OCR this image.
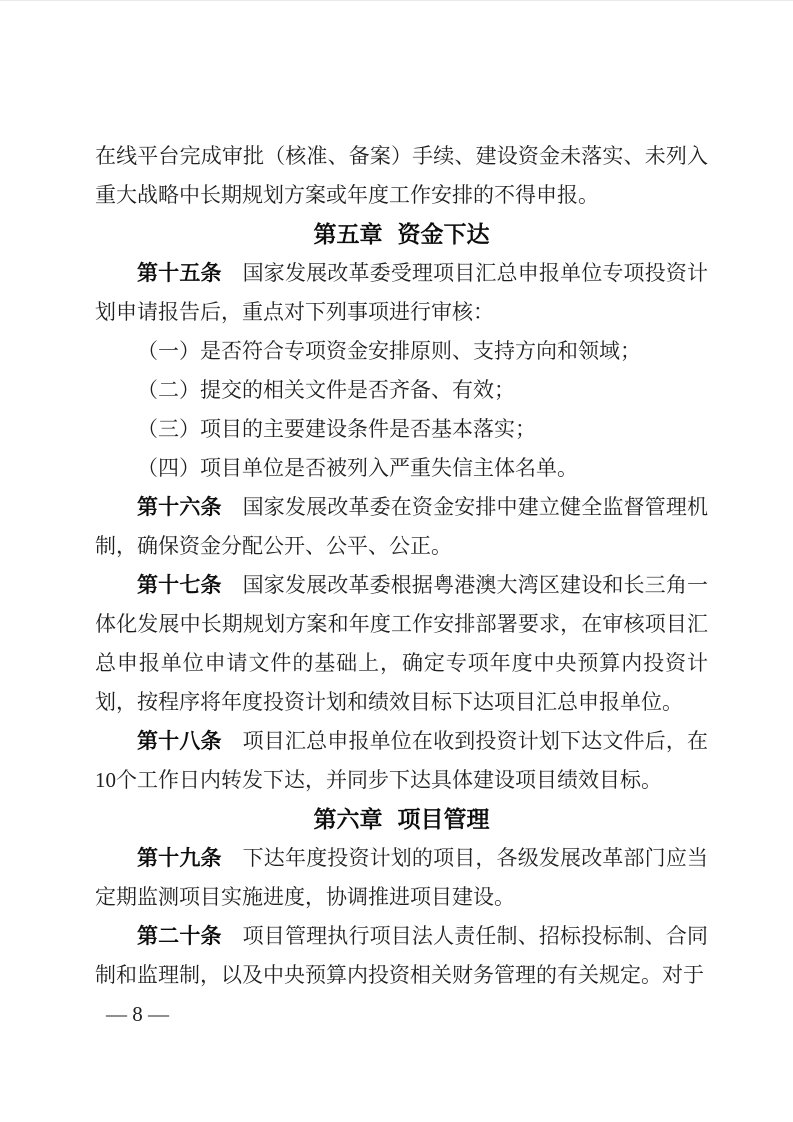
在线平台完成审批（核准、备案）手续、建设资金未落实、未列入重大战略中长期规划方案或年度工作安排的不得申报。

第五章 资金下达

第十五条 国家发展改革委受理项目汇总申报单位专项投资计划申请报告后，重点对下列事项进行审核：

（一）是否符合专项资金安排原则、支持方向和领域；

（二）提交的相关文件是否齐备、有效；

（三）项目的主要建设条件是否基本落实；

（四）项目单位是否被列入严重失信主体名单。

第十六条 国家发展改革委在资金安排中建立健全监督管理机制，确保资金分配公开、公平、公正。

第十七条 国家发展改革委根据粤港澳大湾区建设和长三角一体化发展中长期规划方案和年度工作安排部署要求，在审核项目汇总申报单位申请文件的基础上，确定专项年度中央预算内投资计划，按程序将年度投资计划和绩效目标下达项目汇总申报单位。

第十八条 项目汇总申报单位在收到投资计划下达文件后，在10个工作日内转发下达，并同步下达具体建设项目绩效目标。

第六章 项目管理

第十九条 下达年度投资计划的项目，各级发展改革部门应当定期监测项目实施进度，协调推进项目建设。

第二十条 项目管理执行项目法人责任制、招标投标制、合同制和监理制，以及中央预算内投资相关财务管理的有关规定。对于

— 8 —
